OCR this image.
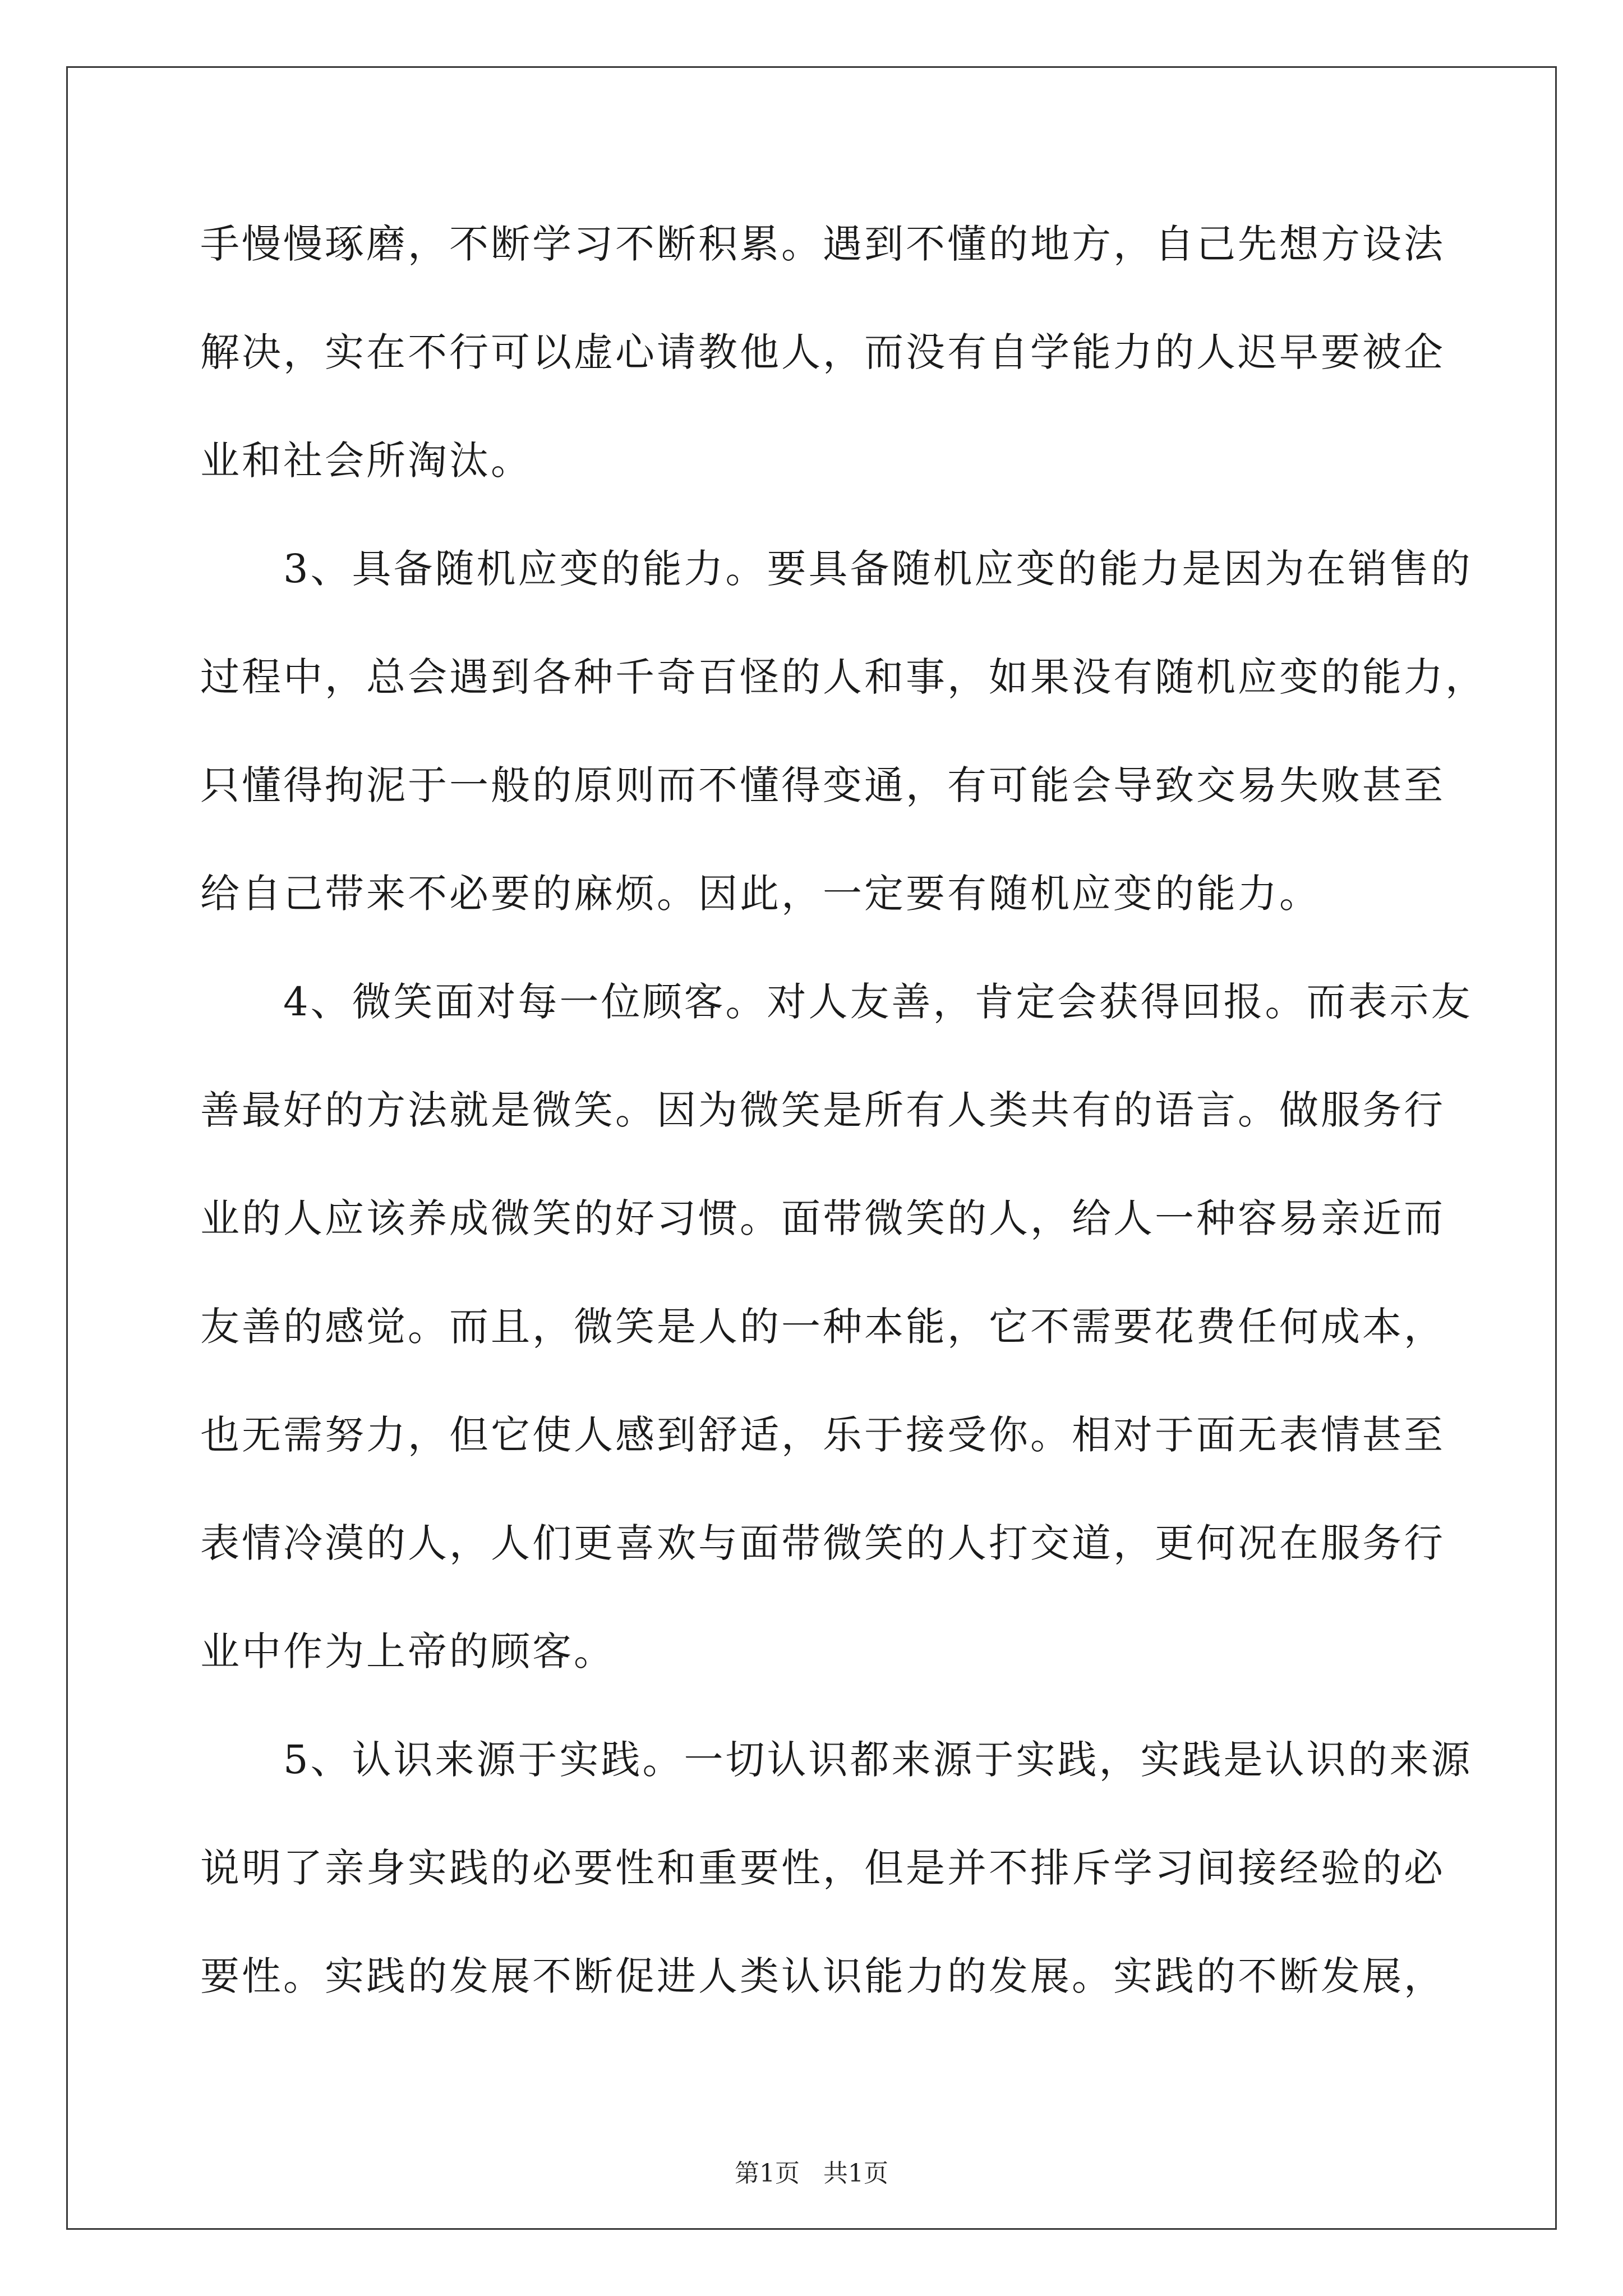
手慢慢琢磨，不断学习不断积累。遇到不懂的地方，自己先想方设法
解决，实在不行可以虚心请教他人，而没有自学能力的人迟早要被企
业和社会所淘汰。
　　3、具备随机应变的能力。要具备随机应变的能力是因为在销售的
过程中，总会遇到各种千奇百怪的人和事，如果没有随机应变的能力，
只懂得拘泥于一般的原则而不懂得变通，有可能会导致交易失败甚至
给自己带来不必要的麻烦。因此，一定要有随机应变的能力。
　　4、微笑面对每一位顾客。对人友善，肯定会获得回报。而表示友
善最好的方法就是微笑。因为微笑是所有人类共有的语言。做服务行
业的人应该养成微笑的好习惯。面带微笑的人，给人一种容易亲近而
友善的感觉。而且，微笑是人的一种本能，它不需要花费任何成本，
也无需努力，但它使人感到舒适，乐于接受你。相对于面无表情甚至
表情冷漠的人，人们更喜欢与面带微笑的人打交道，更何况在服务行
业中作为上帝的顾客。
　　5、认识来源于实践。一切认识都来源于实践，实践是认识的来源
说明了亲身实践的必要性和重要性，但是并不排斥学习间接经验的必
要性。实践的发展不断促进人类认识能力的发展。实践的不断发展，
第1页 共1页
